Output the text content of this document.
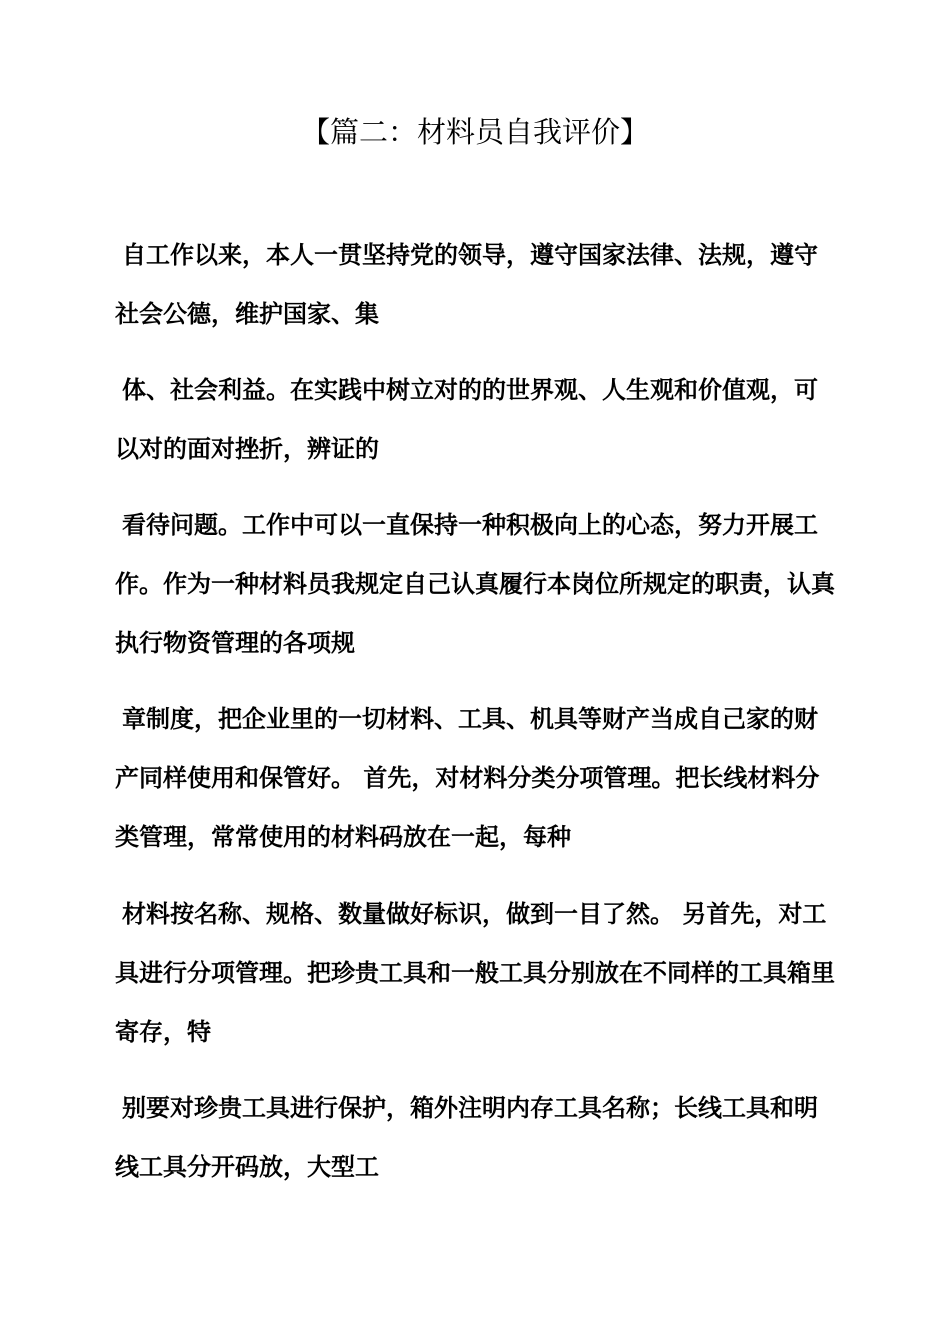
【篇二：材料员自我评价】
自工作以来，本人一贯坚持党的领导，遵守国家法律、法规，遵守
社会公德，维护国家、集
体、社会利益。在实践中树立对的的世界观、人生观和价值观，可
以对的面对挫折，辨证的
看待问题。工作中可以一直保持一种积极向上的心态，努力开展工
作。作为一种材料员我规定自己认真履行本岗位所规定的职责，认真
执行物资管理的各项规
章制度，把企业里的一切材料、工具、机具等财产当成自己家的财
产同样使用和保管好。 首先，对材料分类分项管理。把长线材料分
类管理，常常使用的材料码放在一起，每种
材料按名称、规格、数量做好标识，做到一目了然。 另首先，对工
具进行分项管理。把珍贵工具和一般工具分别放在不同样的工具箱里
寄存，特
别要对珍贵工具进行保护，箱外注明内存工具名称；长线工具和明
线工具分开码放，大型工
